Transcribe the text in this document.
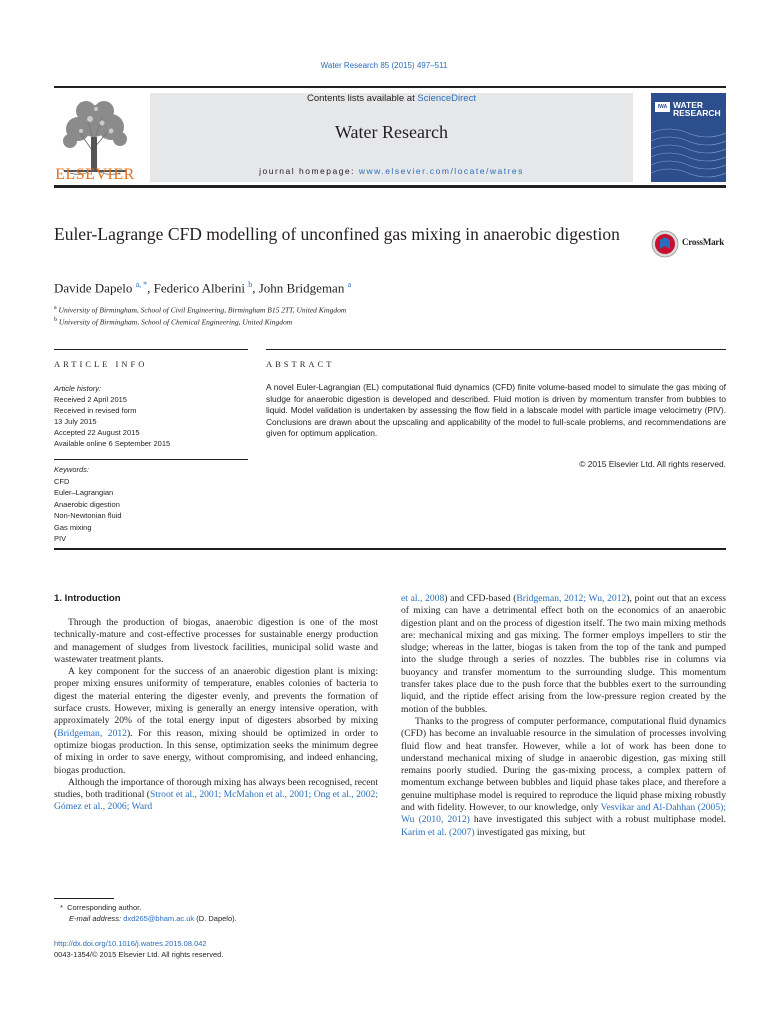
Water Research 85 (2015) 497–511
ELSEVIER
Contents lists available at ScienceDirect
Water Research
journal homepage: www.elsevier.com/locate/watres
IWA WATER
RESEARCH
Euler-Lagrange CFD modelling of unconfined gas mixing in anaerobic digestion	CrossMark
Davide Dapelo $^{a, *}$, Federico Alberini $^b$, John Bridgeman $^a$
$^a$ University of Birmingham, School of Civil Engineering, Birmingham B15 2TT, United Kingdom
$^b$ University of Birmingham, School of Chemical Engineering, United Kingdom
ARTICLE INFO	ABSTRACT
Article history:
Received 2 April 2015
Received in revised form
13 July 2015
Accepted 22 August 2015
Available online 6 September 2015
Keywords:
CFD
Euler–Lagrangian
Anaerobic digestion
Non-Newtonian fluid
Gas mixing
PIV
A novel Euler-Lagrangian (EL) computational fluid dynamics (CFD) finite volume-based model to simulate the gas mixing of sludge for anaerobic digestion is developed and described. Fluid motion is driven by momentum transfer from bubbles to liquid. Model validation is undertaken by assessing the flow field in a labscale model with particle image velocimetry (PIV). Conclusions are drawn about the upscaling and applicability of the model to full-scale problems, and recommendations are given for optimum application.
© 2015 Elsevier Ltd. All rights reserved.
1. Introduction

Through the production of biogas, anaerobic digestion is one of the most technically-mature and cost-effective processes for sustainable energy production and management of sludges from livestock facilities, municipal solid waste and wastewater treatment plants.

A key component for the success of an anaerobic digestion plant is mixing: proper mixing ensures uniformity of temperature, enables colonies of bacteria to digest the material entering the digester evenly, and prevents the formation of surface crusts. However, mixing is generally an energy intensive operation, with approximately 20% of the total energy input of digesters absorbed by mixing (Bridgeman, 2012). For this reason, mixing should be optimized in order to optimize biogas production. In this sense, optimization seeks the minimum degree of mixing in order to save energy, without compromising, and indeed enhancing, biogas production.

Although the importance of thorough mixing has always been recognised, recent studies, both traditional (Stroot et al., 2001; McMahon et al., 2001; Ong et al., 2002; Gómez et al., 2006; Ward

et al., 2008) and CFD-based (Bridgeman, 2012; Wu, 2012), point out that an excess of mixing can have a detrimental effect both on the economics of an anaerobic digestion plant and on the process of digestion itself. The two main mixing methods are: mechanical mixing and gas mixing. The former employs impellers to stir the sludge; whereas in the latter, biogas is taken from the top of the tank and pumped into the sludge through a series of nozzles. The bubbles rise in columns via buoyancy and transfer momentum to the surrounding sludge. This momentum transfer takes place due to the push force that the bubbles exert to the surrounding liquid, and the riptide effect arising from the low-pressure region created by the motion of the bubbles.

Thanks to the progress of computer performance, computational fluid dynamics (CFD) has become an invaluable resource in the simulation of processes involving fluid flow and heat transfer. However, while a lot of work has been done to understand mechanical mixing of sludge in anaerobic digestion, gas mixing still remains poorly studied. During the gas-mixing process, a complex pattern of momentum exchange between bubbles and liquid phase takes place, and therefore a genuine multiphase model is required to reproduce the liquid phase mixing robustly and with fidelity. However, to our knowledge, only Vesvikar and Al-Dahhan (2005); Wu (2010, 2012) have investigated this subject with a robust multiphase model. Karim et al. (2007) investigated gas mixing, but

* Corresponding author.
E-mail address: dxd265@bham.ac.uk (D. Dapelo).
http://dx.doi.org/10.1016/j.watres.2015.08.042
0043-1354/© 2015 Elsevier Ltd. All rights reserved.
